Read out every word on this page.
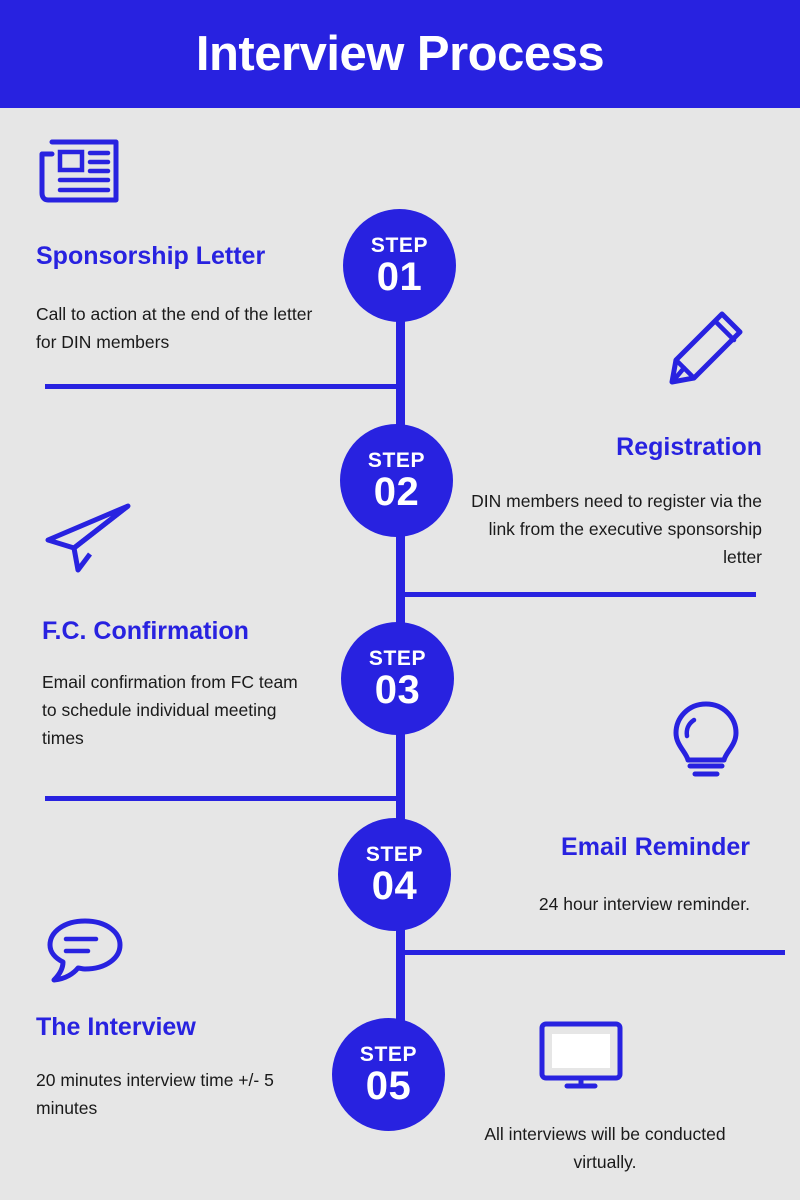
Interview Process
Sponsorship Letter
Call to action at the end of the letter for DIN members
STEP
01
Registration
DIN members need to register via the link from the executive sponsorship letter
STEP
02
F.C. Confirmation
Email confirmation from FC team to schedule individual meeting times
STEP
03
Email Reminder
24 hour interview reminder.
STEP
04
The Interview
20 minutes interview time +/- 5 minutes
STEP
05
All interviews will be conducted virtually.
